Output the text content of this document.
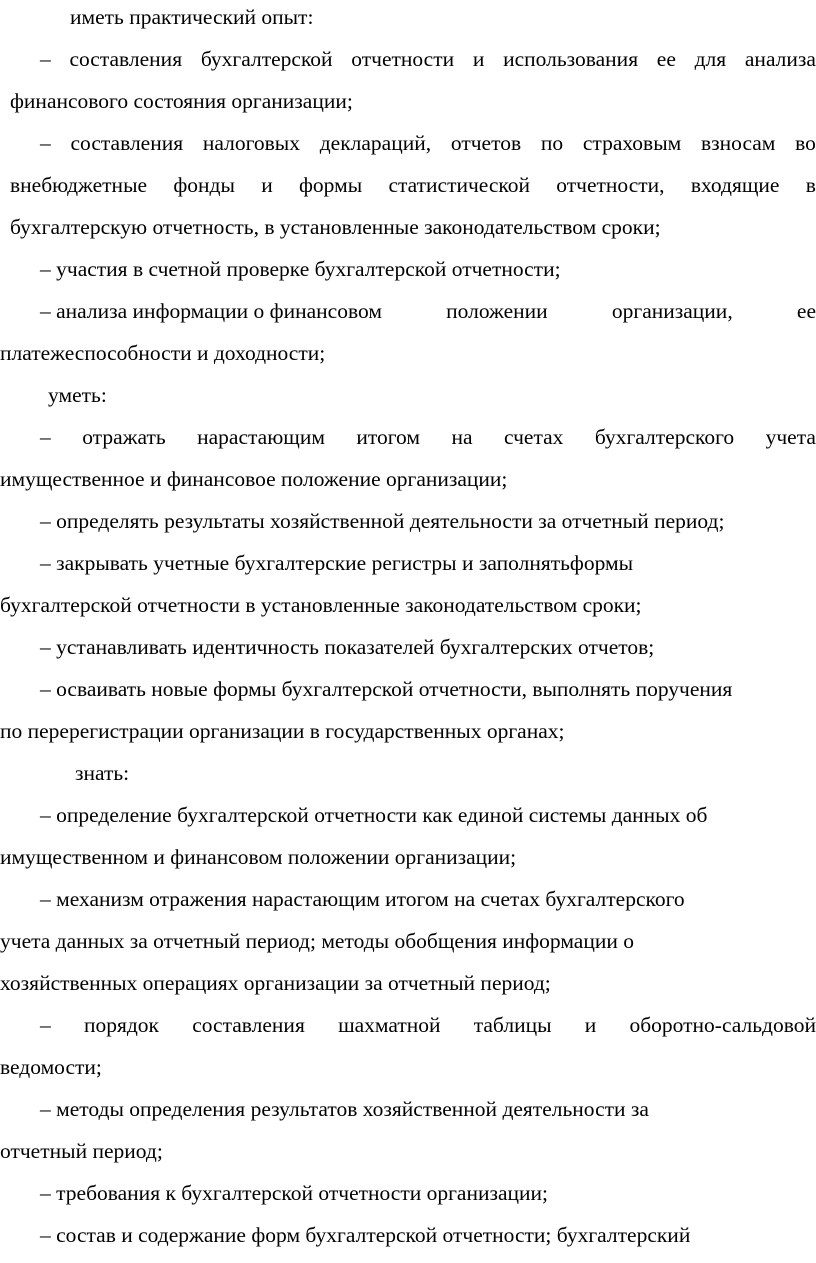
иметь практический опыт:
– составления бухгалтерской отчетности и использования ее для анализа
финансового состояния организации;
– составления налоговых деклараций, отчетов по страховым взносам во
внебюджетные фонды и формы статистической отчетности, входящие в
бухгалтерскую отчетность, в установленные законодательством сроки;
– участия в счетной проверке бухгалтерской отчетности;
– анализа информации о финансовом	положении	организации,	ее
платежеспособности и доходности;
уметь:
– отражать нарастающим итогом на счетах бухгалтерского учета
имущественное и финансовое положение организации;
– определять результаты хозяйственной деятельности за отчетный период;
– закрывать учетные бухгалтерские регистры и заполнятьформы
бухгалтерской отчетности в установленные законодательством сроки;
– устанавливать идентичность показателей бухгалтерских отчетов;
– осваивать новые формы бухгалтерской отчетности, выполнять поручения
по перерегистрации организации в государственных органах;
знать:
– определение бухгалтерской отчетности как единой системы данных об
имущественном и финансовом положении организации;
– механизм отражения нарастающим итогом на счетах бухгалтерского
учета данных за отчетный период; методы обобщения информации о
хозяйственных операциях организации за отчетный период;
– порядок составления шахматной таблицы и оборотно-сальдовой
ведомости;
– методы определения результатов хозяйственной деятельности за
отчетный период;
– требования к бухгалтерской отчетности организации;
– состав и содержание форм бухгалтерской отчетности; бухгалтерский
